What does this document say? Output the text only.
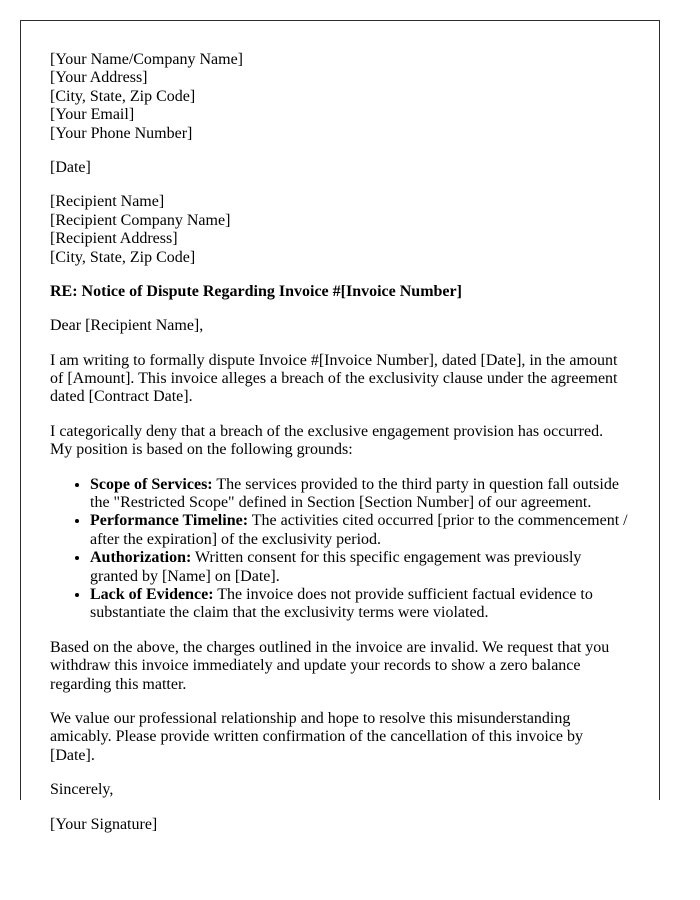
[Your Name/Company Name]
[Your Address]
[City, State, Zip Code]
[Your Email]
[Your Phone Number]

[Date]

[Recipient Name]
[Recipient Company Name]
[Recipient Address]
[City, State, Zip Code]

RE: Notice of Dispute Regarding Invoice #[Invoice Number]

Dear [Recipient Name],

I am writing to formally dispute Invoice #[Invoice Number], dated [Date], in the amount of [Amount]. This invoice alleges a breach of the exclusivity clause under the agreement dated [Contract Date].

I categorically deny that a breach of the exclusive engagement provision has occurred. My position is based on the following grounds:

• Scope of Services: The services provided to the third party in question fall outside the "Restricted Scope" defined in Section [Section Number] of our agreement.
• Performance Timeline: The activities cited occurred [prior to the commencement / after the expiration] of the exclusivity period.
• Authorization: Written consent for this specific engagement was previously granted by [Name] on [Date].
• Lack of Evidence: The invoice does not provide sufficient factual evidence to substantiate the claim that the exclusivity terms were violated.

Based on the above, the charges outlined in the invoice are invalid. We request that you withdraw this invoice immediately and update your records to show a zero balance regarding this matter.

We value our professional relationship and hope to resolve this misunderstanding amicably. Please provide written confirmation of the cancellation of this invoice by [Date].

Sincerely,

[Your Signature]
